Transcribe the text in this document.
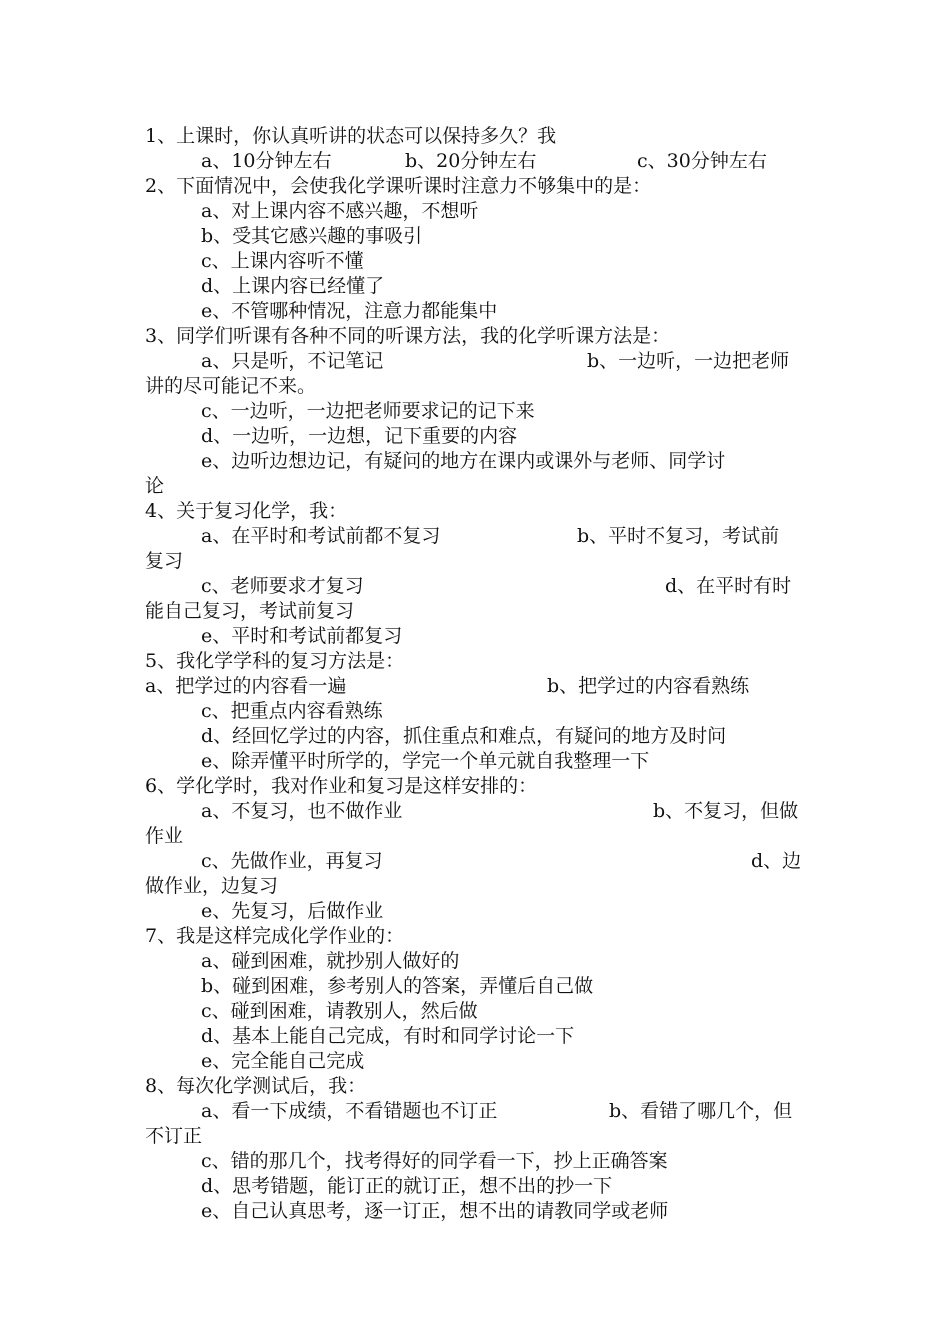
1、上课时，你认真听讲的状态可以保持多久？我
a、10分钟左右	b、20分钟左右	c、30分钟左右
2、下面情况中，会使我化学课听课时注意力不够集中的是：
a、对上课内容不感兴趣，不想听
b、受其它感兴趣的事吸引
c、上课内容听不懂
d、上课内容已经懂了
e、不管哪种情况，注意力都能集中
3、同学们听课有各种不同的听课方法，我的化学听课方法是：
a、只是听，不记笔记	b、一边听，一边把老师
讲的尽可能记不来。
c、一边听，一边把老师要求记的记下来
d、一边听，一边想，记下重要的内容
e、边听边想边记，有疑问的地方在课内或课外与老师、同学讨
论
4、关于复习化学，我：
a、在平时和考试前都不复习	b、平时不复习，考试前
复习
c、老师要求才复习	d、在平时有时
能自己复习，考试前复习
e、平时和考试前都复习
5、我化学学科的复习方法是：
a、把学过的内容看一遍	b、把学过的内容看熟练
c、把重点内容看熟练
d、经回忆学过的内容，抓住重点和难点，有疑问的地方及时问
e、除弄懂平时所学的，学完一个单元就自我整理一下
6、学化学时，我对作业和复习是这样安排的：
a、不复习，也不做作业	b、不复习，但做
作业
c、先做作业，再复习	d、边
做作业，边复习
e、先复习，后做作业
7、我是这样完成化学作业的：
a、碰到困难，就抄别人做好的
b、碰到困难，参考别人的答案，弄懂后自己做
c、碰到困难，请教别人，然后做
d、基本上能自己完成，有时和同学讨论一下
e、完全能自己完成
8、每次化学测试后，我：
a、看一下成绩，不看错题也不订正	b、看错了哪几个，但
不订正
c、错的那几个，找考得好的同学看一下，抄上正确答案
d、思考错题，能订正的就订正，想不出的抄一下
e、自己认真思考，逐一订正，想不出的请教同学或老师
